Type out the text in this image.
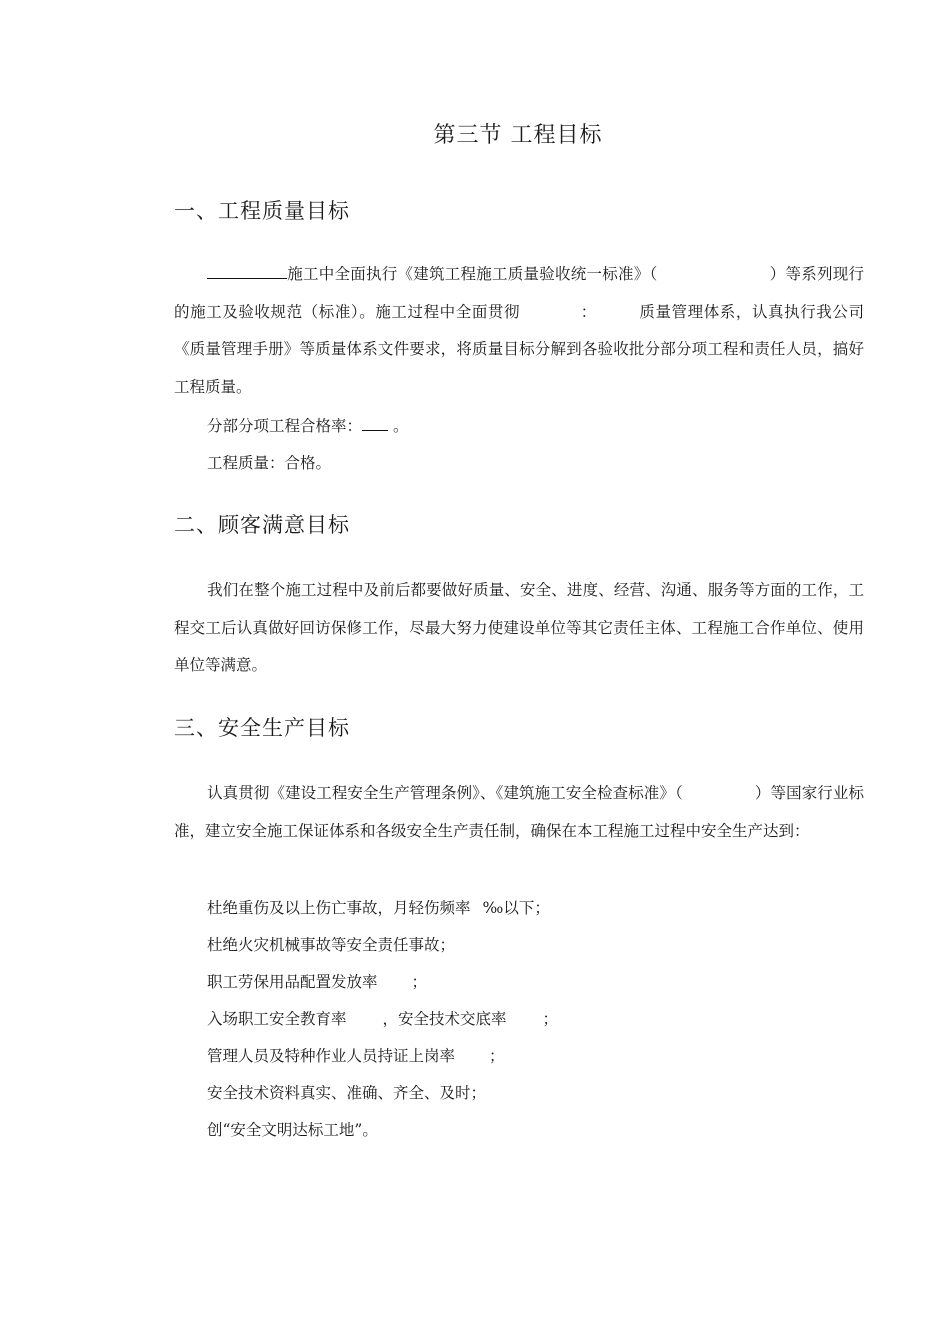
第三节 工程目标
一、工程质量目标
施工中全面执行《建筑工程施工质量验收统一标准》（	）等系列现行的施工及验收规范（标准）。施工过程中全面贯彻	：	质量管理体系，认真执行我公司《质量管理手册》等质量体系文件要求，将质量目标分解到各验收批分部分项工程和责任人员，搞好工程质量。
分部分项工程合格率： 。
工程质量：合格。
二、顾客满意目标
我们在整个施工过程中及前后都要做好质量、安全、进度、经营、沟通、服务等方面的工作，工程交工后认真做好回访保修工作，尽最大努力使建设单位等其它责任主体、工程施工合作单位、使用单位等满意。
三、安全生产目标
认真贯彻《建设工程安全生产管理条例》、《建筑施工安全检查标准》（	）等国家行业标准，建立安全施工保证体系和各级安全生产责任制，确保在本工程施工过程中安全生产达到：
杜绝重伤及以上伤亡事故，月轻伤频率 ‰以下；
杜绝火灾机械事故等安全责任事故；
职工劳保用品配置发放率 ；
入场职工安全教育率 ，安全技术交底率 ；
管理人员及特种作业人员持证上岗率 ；
安全技术资料真实、准确、齐全、及时；
创“安全文明达标工地”。
